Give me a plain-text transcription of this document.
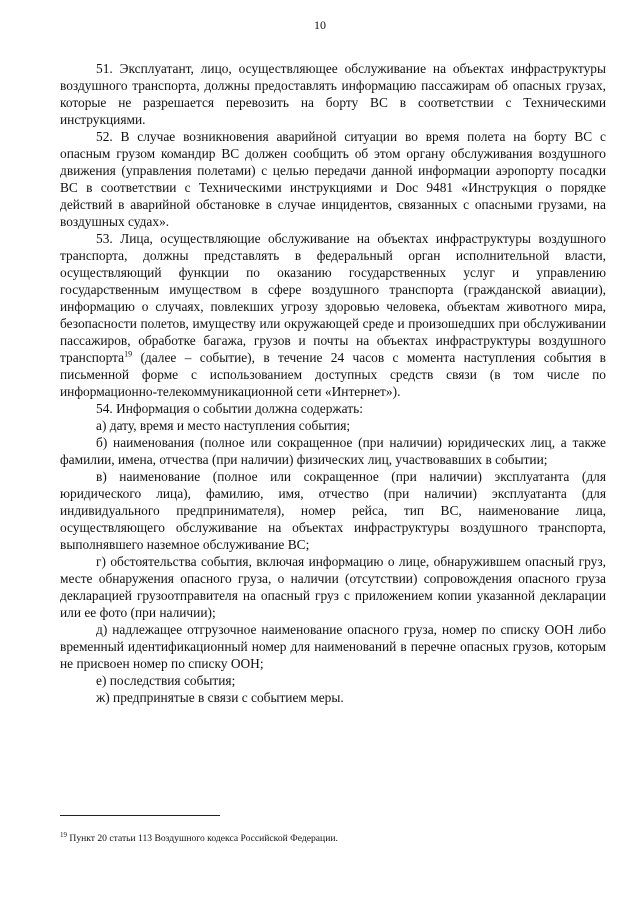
10

51. Эксплуатант, лицо, осуществляющее обслуживание на объектах инфраструктуры воздушного транспорта, должны предоставлять информацию пассажирам об опасных грузах, которые не разрешается перевозить на борту ВС в соответствии с Техническими инструкциями.

52. В случае возникновения аварийной ситуации во время полета на борту ВС с опасным грузом командир ВС должен сообщить об этом органу обслуживания воздушного движения (управления полетами) с целью передачи данной информации аэропорту посадки ВС в соответствии с Техническими инструкциями и Doc 9481 «Инструкция о порядке действий в аварийной обстановке в случае инцидентов, связанных с опасными грузами, на воздушных судах».

53. Лица, осуществляющие обслуживание на объектах инфраструктуры воздушного транспорта, должны представлять в федеральный орган исполнительной власти, осуществляющий функции по оказанию государственных услуг и управлению государственным имуществом в сфере воздушного транспорта (гражданской авиации), информацию о случаях, повлекших угрозу здоровью человека, объектам животного мира, безопасности полетов, имуществу или окружающей среде и произошедших при обслуживании пассажиров, обработке багажа, грузов и почты на объектах инфраструктуры воздушного транспорта$^{19}$ (далее – событие), в течение 24 часов с момента наступления события в письменной форме с использованием доступных средств связи (в том числе по информационно-телекоммуникационной сети «Интернет»).

54. Информация о событии должна содержать:

а) дату, время и место наступления события;

б) наименования (полное или сокращенное (при наличии) юридических лиц, а также фамилии, имена, отчества (при наличии) физических лиц, участвовавших в событии;

в) наименование (полное или сокращенное (при наличии) эксплуатанта (для юридического лица), фамилию, имя, отчество (при наличии) эксплуатанта (для индивидуального предпринимателя), номер рейса, тип ВС, наименование лица, осуществляющего обслуживание на объектах инфраструктуры воздушного транспорта, выполнявшего наземное обслуживание ВС;

г) обстоятельства события, включая информацию о лице, обнаружившем опасный груз, месте обнаружения опасного груза, о наличии (отсутствии) сопровождения опасного груза декларацией грузоотправителя на опасный груз с приложением копии указанной декларации или ее фото (при наличии);

д) надлежащее отгрузочное наименование опасного груза, номер по списку ООН либо временный идентификационный номер для наименований в перечне опасных грузов, которым не присвоен номер по списку ООН;

е) последствия события;

ж) предпринятые в связи с событием меры.

$^{19}$ Пункт 20 статьи 113 Воздушного кодекса Российской Федерации.
